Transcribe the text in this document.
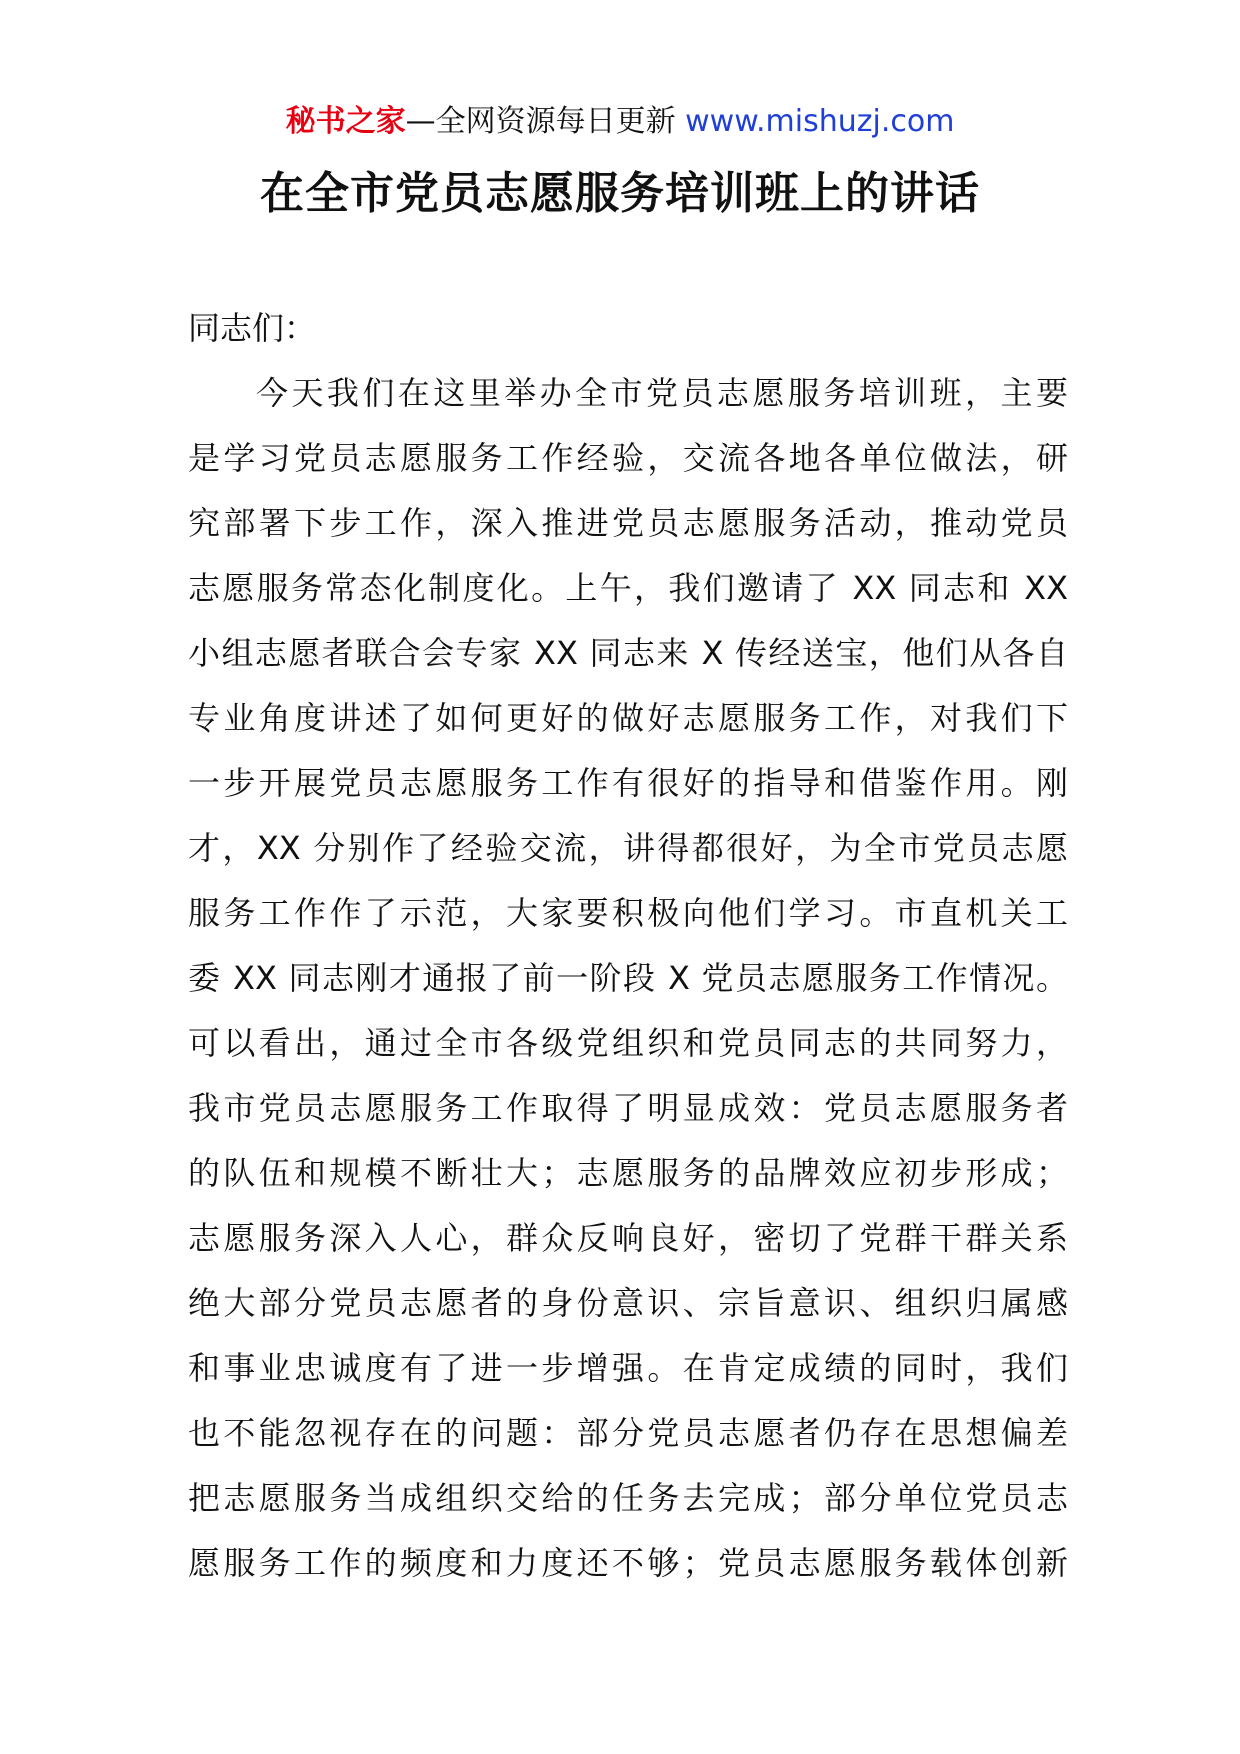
秘书之家—全网资源每日更新 www.mishuzj.com
在全市党员志愿服务培训班上的讲话
同志们：
今天我们在这里举办全市党员志愿服务培训班，主要
是学习党员志愿服务工作经验，交流各地各单位做法，研
究部署下步工作，深入推进党员志愿服务活动，推动党员
志愿服务常态化制度化。上午，我们邀请了 XX 同志和 XX
小组志愿者联合会专家 XX 同志来 X 传经送宝，他们从各自
专业角度讲述了如何更好的做好志愿服务工作，对我们下
一步开展党员志愿服务工作有很好的指导和借鉴作用。刚
才，XX 分别作了经验交流，讲得都很好，为全市党员志愿
服务工作作了示范，大家要积极向他们学习。市直机关工
委 XX 同志刚才通报了前一阶段 X 党员志愿服务工作情况。
可以看出，通过全市各级党组织和党员同志的共同努力，
我市党员志愿服务工作取得了明显成效：党员志愿服务者
的队伍和规模不断壮大；志愿服务的品牌效应初步形成；
志愿服务深入人心，群众反响良好，密切了党群干群关系
绝大部分党员志愿者的身份意识、宗旨意识、组织归属感
和事业忠诚度有了进一步增强。在肯定成绩的同时，我们
也不能忽视存在的问题：部分党员志愿者仍存在思想偏差
把志愿服务当成组织交给的任务去完成；部分单位党员志
愿服务工作的频度和力度还不够；党员志愿服务载体创新
